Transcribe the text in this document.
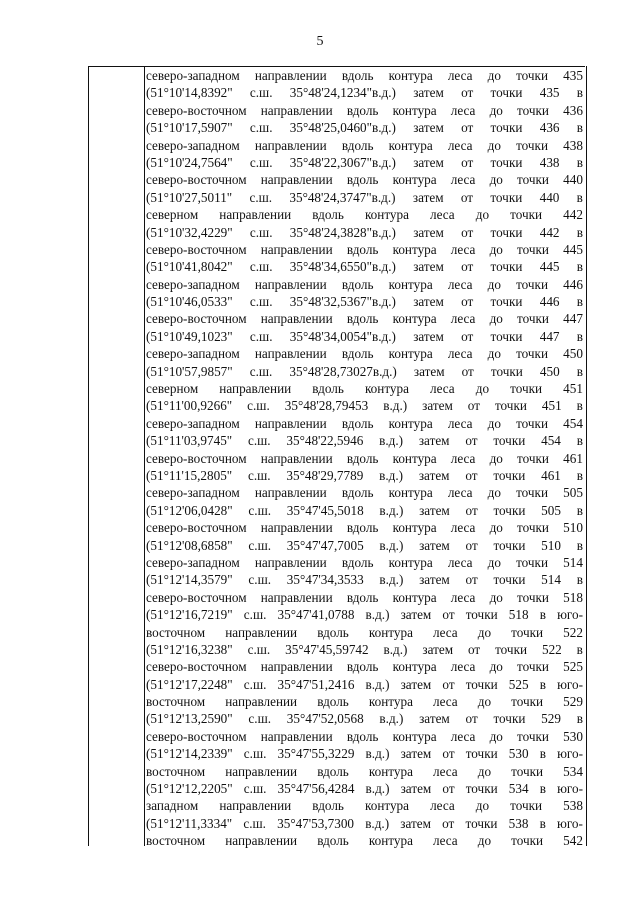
5
северо-западном направлении вдоль контура леса до точки 435
(51°10'14,8392" с.ш. 35°48'24,1234"в.д.) затем от точки 435 в
северо-восточном направлении вдоль контура леса до точки 436
(51°10'17,5907" с.ш. 35°48'25,0460"в.д.) затем от точки 436 в
северо-западном направлении вдоль контура леса до точки 438
(51°10'24,7564" с.ш. 35°48'22,3067"в.д.) затем от точки 438 в
северо-восточном направлении вдоль контура леса до точки 440
(51°10'27,5011" с.ш. 35°48'24,3747"в.д.) затем от точки 440 в
северном направлении вдоль контура леса до точки 442
(51°10'32,4229" с.ш. 35°48'24,3828"в.д.) затем от точки 442 в
северо-восточном направлении вдоль контура леса до точки 445
(51°10'41,8042" с.ш. 35°48'34,6550"в.д.) затем от точки 445 в
северо-западном направлении вдоль контура леса до точки 446
(51°10'46,0533" с.ш. 35°48'32,5367"в.д.) затем от точки 446 в
северо-восточном направлении вдоль контура леса до точки 447
(51°10'49,1023" с.ш. 35°48'34,0054"в.д.) затем от точки 447 в
северо-западном направлении вдоль контура леса до точки 450
(51°10'57,9857" с.ш. 35°48'28,73027в.д.) затем от точки 450 в
северном направлении вдоль контура леса до точки 451
(51°11'00,9266" с.ш. 35°48'28,79453 в.д.) затем от точки 451 в
северо-западном направлении вдоль контура леса до точки 454
(51°11'03,9745" с.ш. 35°48'22,5946 в.д.) затем от точки 454 в
северо-восточном направлении вдоль контура леса до точки 461
(51°11'15,2805" с.ш. 35°48'29,7789 в.д.) затем от точки 461 в
северо-западном направлении вдоль контура леса до точки 505
(51°12'06,0428" с.ш. 35°47'45,5018 в.д.) затем от точки 505 в
северо-восточном направлении вдоль контура леса до точки 510
(51°12'08,6858" с.ш. 35°47'47,7005 в.д.) затем от точки 510 в
северо-западном направлении вдоль контура леса до точки 514
(51°12'14,3579" с.ш. 35°47'34,3533 в.д.) затем от точки 514 в
северо-восточном направлении вдоль контура леса до точки 518
(51°12'16,7219" с.ш. 35°47'41,0788 в.д.) затем от точки 518 в юго-
восточном направлении вдоль контура леса до точки 522
(51°12'16,3238" с.ш. 35°47'45,59742 в.д.) затем от точки 522 в
северо-восточном направлении вдоль контура леса до точки 525
(51°12'17,2248" с.ш. 35°47'51,2416 в.д.) затем от точки 525 в юго-
восточном направлении вдоль контура леса до точки 529
(51°12'13,2590" с.ш. 35°47'52,0568 в.д.) затем от точки 529 в
северо-восточном направлении вдоль контура леса до точки 530
(51°12'14,2339" с.ш. 35°47'55,3229 в.д.) затем от точки 530 в юго-
восточном направлении вдоль контура леса до точки 534
(51°12'12,2205" с.ш. 35°47'56,4284 в.д.) затем от точки 534 в юго-
западном направлении вдоль контура леса до точки 538
(51°12'11,3334" с.ш. 35°47'53,7300 в.д.) затем от точки 538 в юго-
восточном направлении вдоль контура леса до точки 542
